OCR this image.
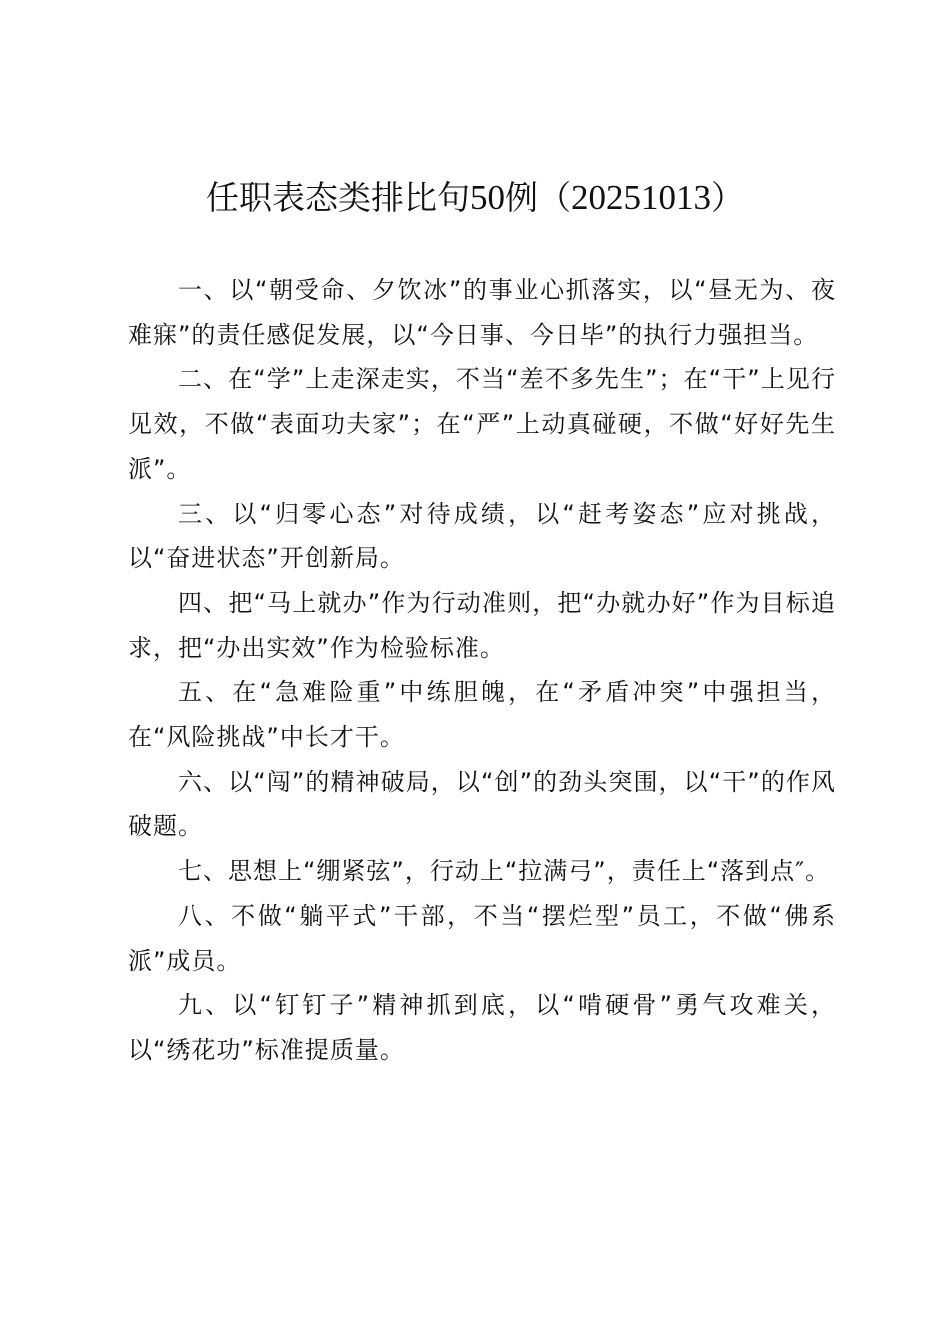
任职表态类排比句50例（20251013）

一、以“朝受命、夕饮冰”的事业心抓落实，以“昼无为、夜难寐”的责任感促发展，以“今日事、今日毕”的执行力强担当。

二、在“学”上走深走实，不当“差不多先生”；在“干”上见行见效，不做“表面功夫家”；在“严”上动真碰硬，不做“好好先生派”。

三、以“归零心态”对待成绩，以“赶考姿态”应对挑战，以“奋进状态”开创新局。

四、把“马上就办”作为行动准则，把“办就办好”作为目标追求，把“办出实效”作为检验标准。

五、在“急难险重”中练胆魄，在“矛盾冲突”中强担当，在“风险挑战”中长才干。

六、以“闯”的精神破局，以“创”的劲头突围，以“干”的作风破题。

七、思想上“绷紧弦”，行动上“拉满弓”，责任上“落到点″。

八、不做“躺平式”干部，不当“摆烂型”员工，不做“佛系派”成员。

九、以“钉钉子”精神抓到底，以“啃硬骨”勇气攻难关，以“绣花功”标准提质量。
